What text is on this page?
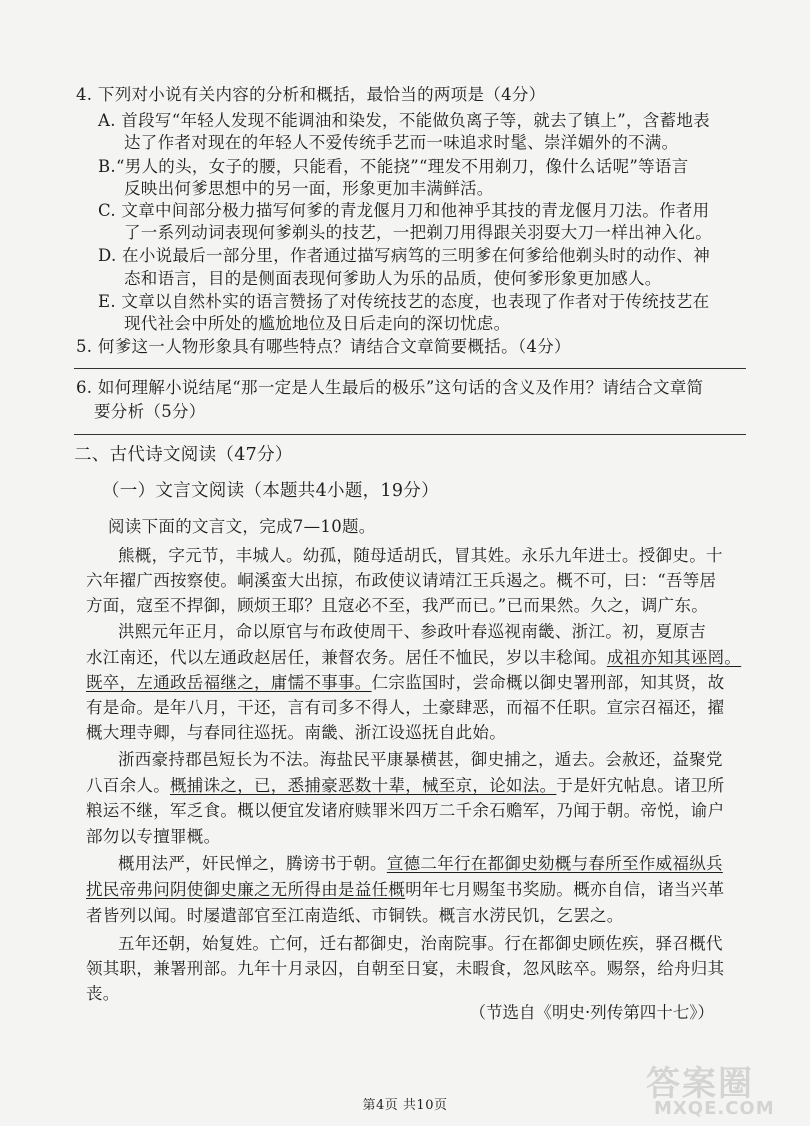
4. 下列对小说有关内容的分析和概括，最恰当的两项是（4分）
A. 首段写“年轻人发现不能调油和染发，不能做负离子等，就去了镇上”，含蓄地表
达了作者对现在的年轻人不爱传统手艺而一味追求时髦、崇洋媚外的不满。
B.“男人的头，女子的腰，只能看，不能挠”“理发不用剃刀，像什么话呢”等语言
反映出何爹思想中的另一面，形象更加丰满鲜活。
C. 文章中间部分极力描写何爹的青龙偃月刀和他神乎其技的青龙偃月刀法。作者用
了一系列动词表现何爹剃头的技艺，一把剃刀用得跟关羽耍大刀一样出神入化。
D. 在小说最后一部分里，作者通过描写病笃的三明爹在何爹给他剃头时的动作、神
态和语言，目的是侧面表现何爹助人为乐的品质，使何爹形象更加感人。
E. 文章以自然朴实的语言赞扬了对传统技艺的态度，也表现了作者对于传统技艺在
现代社会中所处的尴尬地位及日后走向的深切忧虑。
5. 何爹这一人物形象具有哪些特点？请结合文章简要概括。（4分）
6. 如何理解小说结尾“那一定是人生最后的极乐”这句话的含义及作用？请结合文章简
要分析（5分）
二、古代诗文阅读（47分）
（一）文言文阅读（本题共4小题，19分）
阅读下面的文言文，完成7—10题。
熊概，字元节，丰城人。幼孤，随母适胡氏，冒其姓。永乐九年进士。授御史。十
六年擢广西按察使。峒溪蛮大出掠，布政使议请靖江王兵遏之。概不可，曰：“吾等居
方面，寇至不捍御，顾烦王耶？且寇必不至，我严而已。”已而果然。久之，调广东。
洪熙元年正月，命以原官与布政使周干、参政叶春巡视南畿、浙江。初，夏原吉
水江南还，代以左通政赵居任，兼督农务。居任不恤民，岁以丰稔闻。成祖亦知其诬罔。
既卒，左通政岳福继之，庸懦不事事。仁宗监国时，尝命概以御史署刑部，知其贤，故
有是命。是年八月，干还，言有司多不得人，土豪肆恶，而福不任职。宣宗召福还，擢
概大理寺卿，与春同往巡抚。南畿、浙江设巡抚自此始。
浙西豪持郡邑短长为不法。海盐民平康暴横甚，御史捕之，遁去。会赦还，益聚党
八百余人。概捕诛之，已，悉捕豪恶数十辈，械至京，论如法。于是奸宄帖息。诸卫所
粮运不继，军乏食。概以便宜发诸府赎罪米四万二千余石赡军，乃闻于朝。帝悦，谕户
部勿以专擅罪概。
概用法严，奸民惮之，腾谤书于朝。宣德二年行在都御史劾概与春所至作威福纵兵
扰民帝弗问阴使御史廉之无所得由是益任概明年七月赐玺书奖励。概亦自信，诸当兴革
者皆列以闻。时屡遣部官至江南造纸、市铜铁。概言水涝民饥，乞罢之。
五年还朝，始复姓。亡何，迁右都御史，治南院事。行在都御史顾佐疾，驿召概代
领其职，兼署刑部。九年十月录囚，自朝至日宴，未暇食，忽风眩卒。赐祭，给舟归其
丧。
（节选自《明史·列传第四十七》）
第4页 共10页
答案圈
MXQE.COM
